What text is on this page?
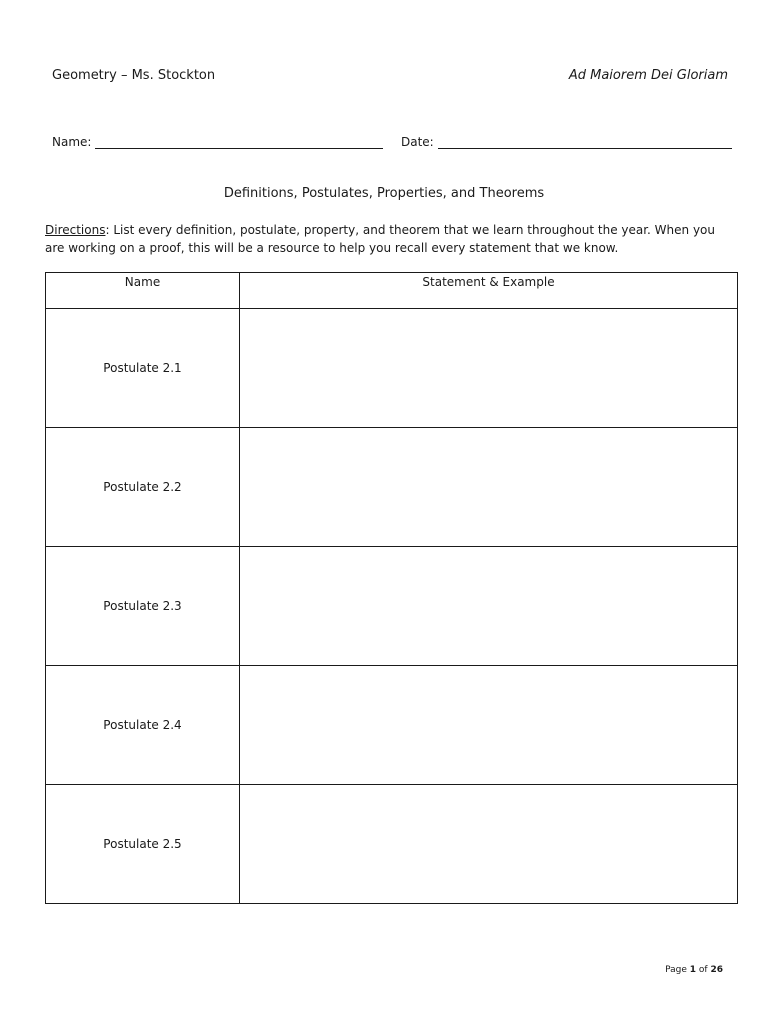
Geometry – Ms. Stockton	Ad Maiorem Dei Gloriam
Name:	Date:
Definitions, Postulates, Properties, and Theorems
Directions: List every definition, postulate, property, and theorem that we learn throughout the year. When you are working on a proof, this will be a resource to help you recall every statement that we know.
Name	Statement & Example
Postulate 2.1	
Postulate 2.2	
Postulate 2.3	
Postulate 2.4	
Postulate 2.5	
Page 1 of 26
